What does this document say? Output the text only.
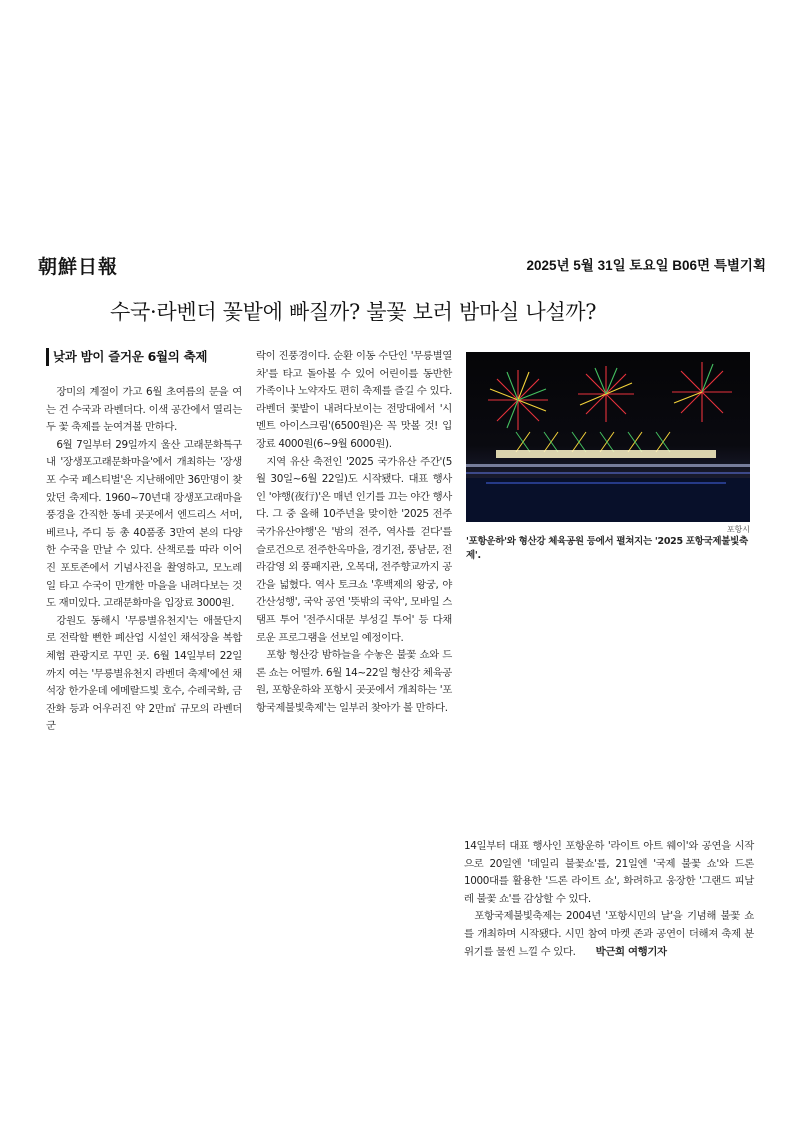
朝鮮日報	2025년 5월 31일 토요일 B06면 특별기획
수국·라벤더 꽃밭에 빠질까? 불꽃 보러 밤마실 나설까?

낮과 밤이 즐거운 6월의 축제

장미의 계절이 가고 6월 초여름의 문을 여는 건 수국과 라벤더다. 이색 공간에서 열리는 두 꽃 축제를 눈여겨볼 만하다.

6월 7일부터 29일까지 울산 고래문화특구 내 '장생포고래문화마을'에서 개최하는 '장생포 수국 페스티벌'은 지난해에만 36만명이 찾았던 축제다. 1960~70년대 장생포고래마을 풍경을 간직한 동네 곳곳에서 엔드리스 서머, 베르나, 주디 등 총 40품종 3만여 본의 다양한 수국을 만날 수 있다. 산책로를 따라 이어진 포토존에서 기념사진을 촬영하고, 모노레일 타고 수국이 만개한 마을을 내려다보는 것도 재미있다. 고래문화마을 입장료 3000원.

강원도 동해시 '무릉별유천지'는 애물단지로 전락할 뻔한 폐산업 시설인 채석장을 복합 체험 관광지로 꾸민 곳. 6월 14일부터 22일까지 여는 '무릉별유천지 라벤더 축제'에선 채석장 한가운데 에메랄드빛 호수, 수레국화, 금잔화 등과 어우러진 약 2만㎡ 규모의 라벤더 군

락이 진풍경이다. 순환 이동 수단인 '무릉별열차'를 타고 돌아볼 수 있어 어린이를 동반한 가족이나 노약자도 편히 축제를 즐길 수 있다. 라벤더 꽃밭이 내려다보이는 전망대에서 '시멘트 아이스크림'(6500원)은 꼭 맛볼 것! 입장료 4000원(6~9월 6000원).

지역 유산 축전인 '2025 국가유산 주간'(5월 30일~6월 22일)도 시작됐다. 대표 행사인 '야행(夜行)'은 매년 인기를 끄는 야간 행사다. 그 중 올해 10주년을 맞이한 '2025 전주국가유산야행'은 '밤의 전주, 역사를 걷다'를 슬로건으로 전주한옥마을, 경기전, 풍남문, 전라감영 외 풍패지관, 오목대, 전주향교까지 공간을 넓혔다. 역사 토크쇼 '후백제의 왕궁, 야간산성행', 국악 공연 '뜻밖의 국악', 모바일 스탬프 투어 '전주시대문 부성길 투어' 등 다채로운 프로그램을 선보일 예정이다.

포항 형산강 밤하늘을 수놓은 불꽃 쇼와 드론 쇼는 어떨까. 6월 14~22일 형산강 체육공원, 포항운하와 포항시 곳곳에서 개최하는 '포항국제불빛축제'는 일부러 찾아가 볼 만하다.

포항시
'포항운하'와 형산강 체육공원 등에서 펼쳐지는 '2025 포항국제불빛축제'.

14일부터 대표 행사인 포항운하 '라이트 아트 웨이'와 공연을 시작으로 20일엔 '데일리 불꽃쇼'를, 21일엔 '국제 불꽃 쇼'와 드론 1000대를 활용한 '드론 라이트 쇼', 화려하고 웅장한 '그랜드 피날레 불꽃 쇼'를 감상할 수 있다.

포항국제불빛축제는 2004년 '포항시민의 날'을 기념해 불꽃 쇼를 개최하며 시작됐다. 시민 참여 마켓 존과 공연이 더해져 축제 분위기를 물씬 느낄 수 있다. 박근희 여행기자
